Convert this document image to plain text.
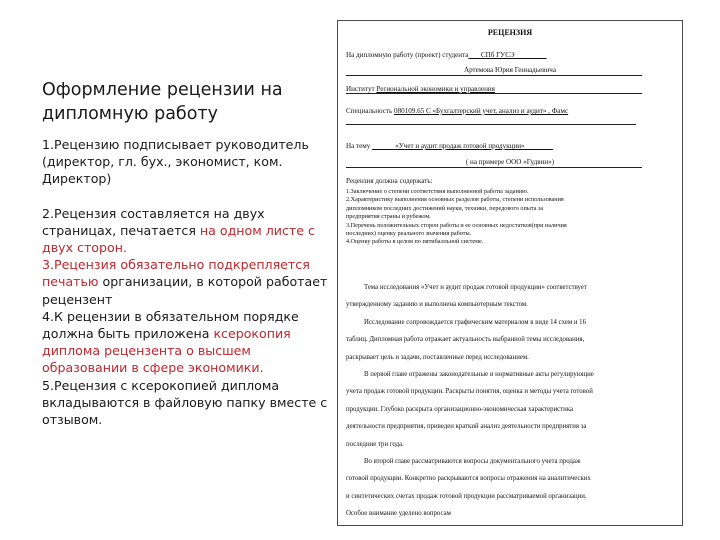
Оформление рецензии на дипломную работу

1.Рецензию подписывает руководитель (директор, гл. бух., экономист, ком. Директор)

2.Рецензия составляется на двух страницах, печатается на одном листе с двух сторон.

3.Рецензия обязательно подкрепляется печатью организации, в которой работает рецензент

4.К рецензии в обязательном порядке должна быть приложена ксерокопия диплома рецензента о высшем образовании в сфере экономики.

5.Рецензия с ксерокопией диплома вкладываются в файловую папку вместе с отзывом.

РЕЦЕНЗИЯ
На дипломную работу (проект) студента СПб ГУСЭ
Артемова Юрия Геннадьевича
Институт Региональной экономики и управления
Специальность 080109.65 С «Бухгалтерский учет, анализ и аудит» , Фамс
На тему	«Учет и аудит продаж готовой продукции»
( на примере ООО «Гудвин»)
Рецензия должна содержать:
1.Заключение о степени соответствия выполненной работы заданию.
2.Характеристику выполнения основных разделов работы, степени использования
дипломником последних достижений науки, техники, передового опыта за
предприятия страны и рубежом.
3.Перечень положительных сторон работы и ее основных недостатков(при наличия
последних) оценку реального значения работы.
4.Оценку работы в целом по пятибалльной системе.
Тема исследования «Учет и аудит продаж готовой продукции» соответствует
утвержденному заданию и выполнена компьютерным текстом.
Исследование сопровождается графическим материалом в виде 14 схем и 16
таблиц. Дипломная работа отражает актуальность выбранной темы исследования,
раскрывает цель и задачи, поставленные перед исследованием.
В первой главе отражены законодательные и нормативные акты регулирующие
учета продаж готовой продукции. Раскрыты понятия, оценка и методы учета готовой
продукции. Глубоко раскрыта организационно-экономическая характеристика
деятельности предприятия, приведен краткий анализ деятельности предприятия за
последние три года.
Во второй главе рассматриваются вопросы документального учета продаж
готовой продукции. Конкретно раскрываются вопросы отражения на аналитических
и синтетических счетах продаж готовой продукции рассматриваемой организации.
Особое внимание уделено вопросам
